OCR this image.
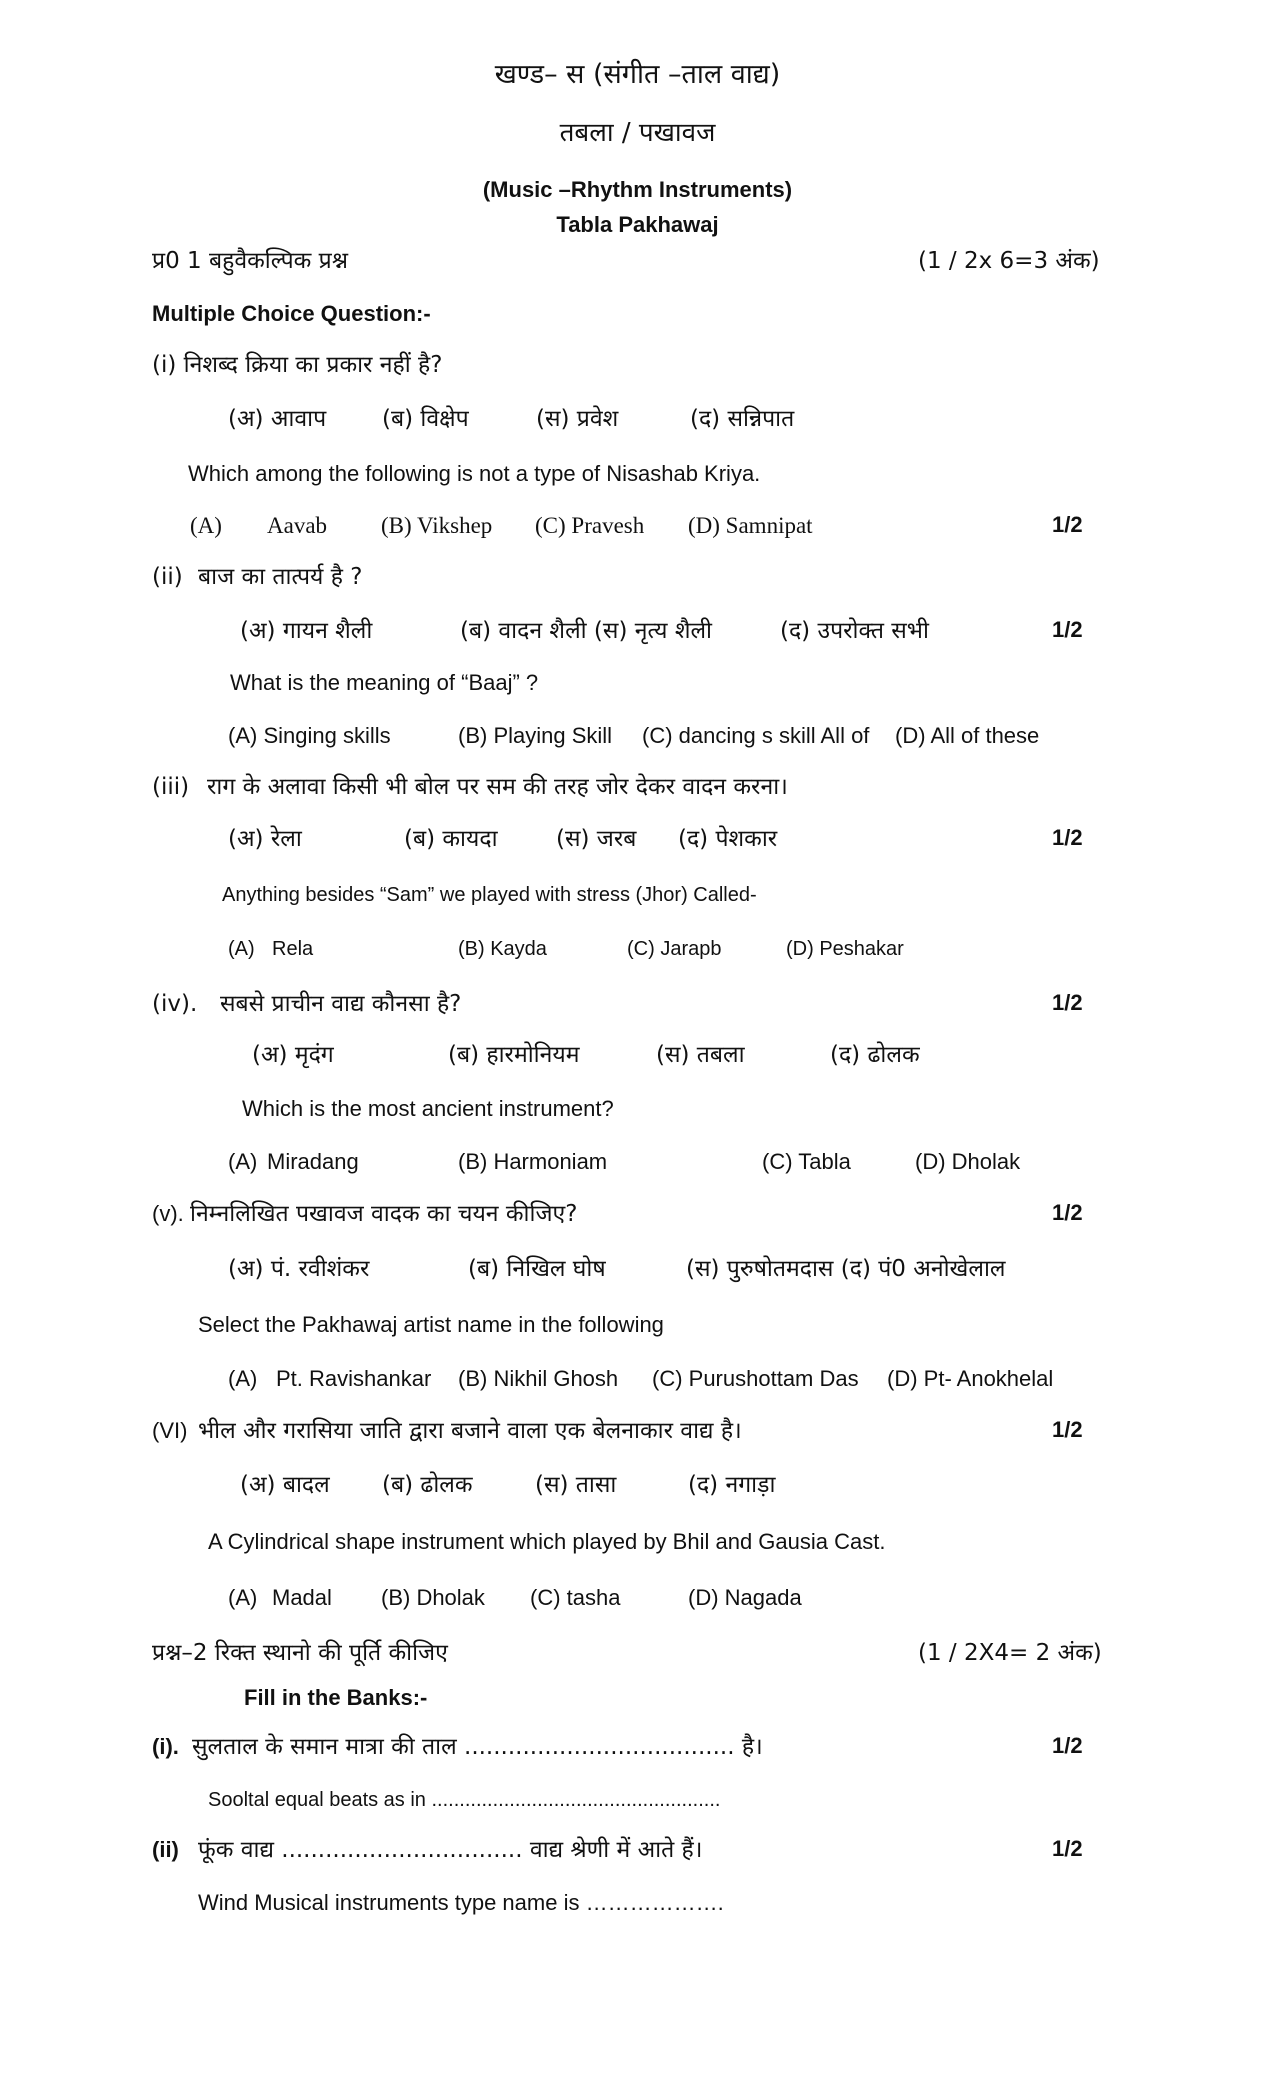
खण्ड– स (संगीत –ताल वाद्य)
तबला / पखावज
(Music –Rhythm Instruments)
Tabla Pakhawaj
प्र0 1 बहुवैकल्पिक प्रश्न	(1 / 2x 6=3 अंक)
Multiple Choice Question:-
(i) निशब्द क्रिया का प्रकार नहीं है?
(अ) आवाप (ब) विक्षेप	(स) प्रवेश	(द) सन्निपात
Which among the following is not a type of Nisashab Kriya.
(A) Aavab (B) Vikshep (C) Pravesh (D) Samnipat	1/2
(ii) बाज का तात्पर्य है ?
(अ) गायन शैली	(ब) वादन शैली (स) नृत्य शैली	(द) उपरोक्त सभी	1/2
What is the meaning of “Baaj” ?
(A) Singing skills	(B) Playing Skill (C) dancing s skill All of (D) All of these
(iii) राग के अलावा किसी भी बोल पर सम की तरह जोर देकर वादन करना।
(अ) रेला	(ब) कायदा	(स) जरब (द) पेशकार	1/2
Anything besides “Sam” we played with stress (Jhor) Called-
(A) Rela	(B) Kayda	(C) Jarapb	(D) Peshakar
(iv). सबसे प्राचीन वाद्य कौनसा है?	1/2
(अ) मृदंग	(ब) हारमोनियम	(स) तबला	(द) ढोलक
Which is the most ancient instrument?
(A) Miradang	(B) Harmoniam	(C) Tabla	(D) Dholak
(v). निम्नलिखित पखावज वादक का चयन कीजिए?	1/2
(अ) पं. रवीशंकर	(ब) निखिल घोष	(स) पुरुषोतमदास (द) पं0 अनोखेलाल
Select the Pakhawaj artist name in the following
(A) Pt. Ravishankar (B) Nikhil Ghosh (C) Purushottam Das (D) Pt- Anokhelal
(VI) भील और गरासिया जाति द्वारा बजाने वाला एक बेलनाकार वाद्य है।	1/2
(अ) बादल (ब) ढोलक	(स) तासा	(द) नगाड़ा
A Cylindrical shape instrument which played by Bhil and Gausia Cast.
(A) Madal (B) Dholak (C) tasha	(D) Nagada
प्रश्न–2 रिक्त स्थानो की पूर्ति कीजिए	(1 / 2X4= 2 अंक)
Fill in the Banks:-
(i). सुलताल के समान मात्रा की ताल ..................................... है।	1/2
Sooltal equal beats as in ....................................................
(ii) फूंक वाद्य ................................. वाद्य श्रेणी में आते हैं।	1/2
Wind Musical instruments type name is ……………….
